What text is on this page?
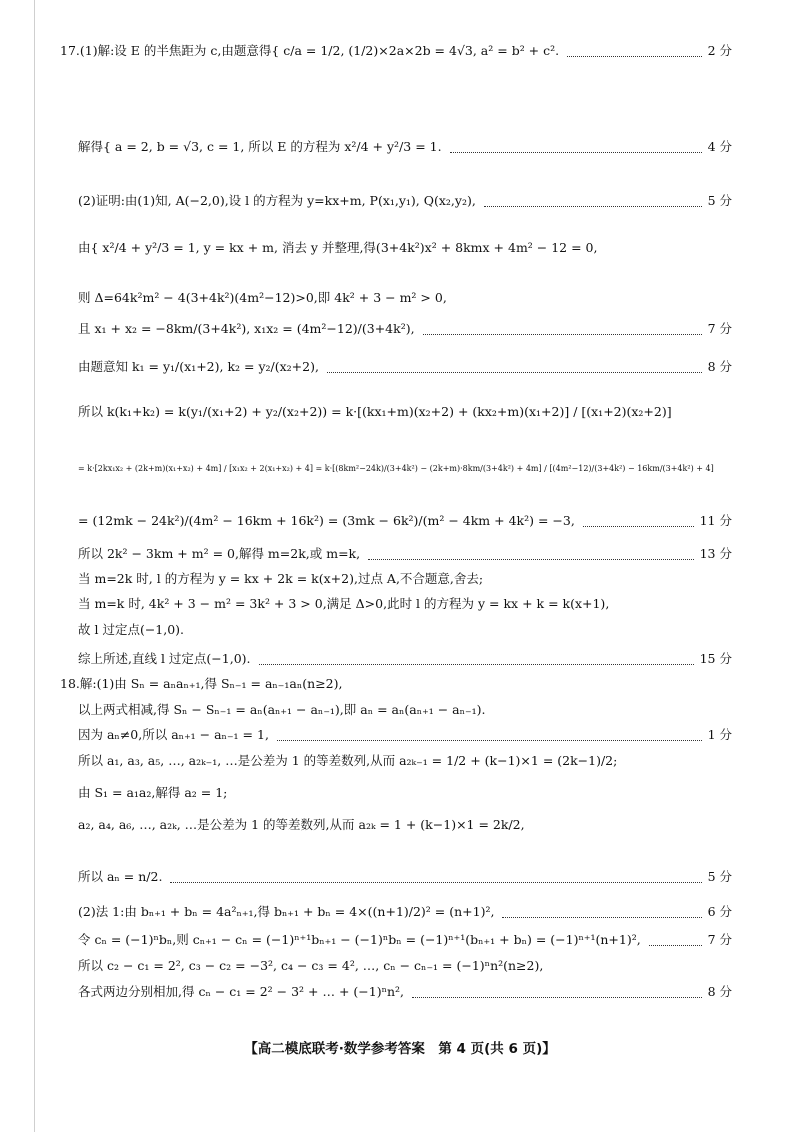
17.(1)解:设 E 的半焦距为 c,由题意得{ c/a = 1/2, (1/2)×2a×2b = 4√3, a² = b² + c².	2 分
解得{ a = 2, b = √3, c = 1, 所以 E 的方程为 x²/4 + y²/3 = 1.	4 分
(2)证明:由(1)知, A(−2,0),设 l 的方程为 y=kx+m, P(x₁,y₁), Q(x₂,y₂),	5 分
由{ x²/4 + y²/3 = 1, y = kx + m, 消去 y 并整理,得(3+4k²)x² + 8kmx + 4m² − 12 = 0,
则 Δ=64k²m² − 4(3+4k²)(4m²−12)>0,即 4k² + 3 − m² > 0,
且 x₁ + x₂ = −8km/(3+4k²), x₁x₂ = (4m²−12)/(3+4k²),	7 分
由题意知 k₁ = y₁/(x₁+2), k₂ = y₂/(x₂+2),	8 分
所以 k(k₁+k₂) = k(y₁/(x₁+2) + y₂/(x₂+2)) = k·[(kx₁+m)(x₂+2) + (kx₂+m)(x₁+2)] / [(x₁+2)(x₂+2)]
= k·[2kx₁x₂ + (2k+m)(x₁+x₂) + 4m] / [x₁x₂ + 2(x₁+x₂) + 4] = k·[(8km²−24k)/(3+4k²) − (2k+m)·8km/(3+4k²) + 4m] / [(4m²−12)/(3+4k²) − 16km/(3+4k²) + 4]
= (12mk − 24k²)/(4m² − 16km + 16k²) = (3mk − 6k²)/(m² − 4km + 4k²) = −3,	11 分
所以 2k² − 3km + m² = 0,解得 m=2k,或 m=k,	13 分
当 m=2k 时, l 的方程为 y = kx + 2k = k(x+2),过点 A,不合题意,舍去;
当 m=k 时, 4k² + 3 − m² = 3k² + 3 > 0,满足 Δ>0,此时 l 的方程为 y = kx + k = k(x+1),
故 l 过定点(−1,0).
综上所述,直线 l 过定点(−1,0).	15 分
18.解:(1)由 Sₙ = aₙaₙ₊₁,得 Sₙ₋₁ = aₙ₋₁aₙ(n≥2),
以上两式相减,得 Sₙ − Sₙ₋₁ = aₙ(aₙ₊₁ − aₙ₋₁),即 aₙ = aₙ(aₙ₊₁ − aₙ₋₁).
因为 aₙ≠0,所以 aₙ₊₁ − aₙ₋₁ = 1,	1 分
所以 a₁, a₃, a₅, …, a₂ₖ₋₁, …是公差为 1 的等差数列,从而 a₂ₖ₋₁ = 1/2 + (k−1)×1 = (2k−1)/2;
由 S₁ = a₁a₂,解得 a₂ = 1;
a₂, a₄, a₆, …, a₂ₖ, …是公差为 1 的等差数列,从而 a₂ₖ = 1 + (k−1)×1 = 2k/2,
所以 aₙ = n/2.	5 分
(2)法 1:由 bₙ₊₁ + bₙ = 4a²ₙ₊₁,得 bₙ₊₁ + bₙ = 4×((n+1)/2)² = (n+1)²,	6 分
令 cₙ = (−1)ⁿbₙ,则 cₙ₊₁ − cₙ = (−1)ⁿ⁺¹bₙ₊₁ − (−1)ⁿbₙ = (−1)ⁿ⁺¹(bₙ₊₁ + bₙ) = (−1)ⁿ⁺¹(n+1)²,	7 分
所以 c₂ − c₁ = 2², c₃ − c₂ = −3², c₄ − c₃ = 4², …, cₙ − cₙ₋₁ = (−1)ⁿn²(n≥2),
各式两边分别相加,得 cₙ − c₁ = 2² − 3² + … + (−1)ⁿn²,	8 分
【高二模底联考·数学参考答案　第 4 页(共 6 页)】
